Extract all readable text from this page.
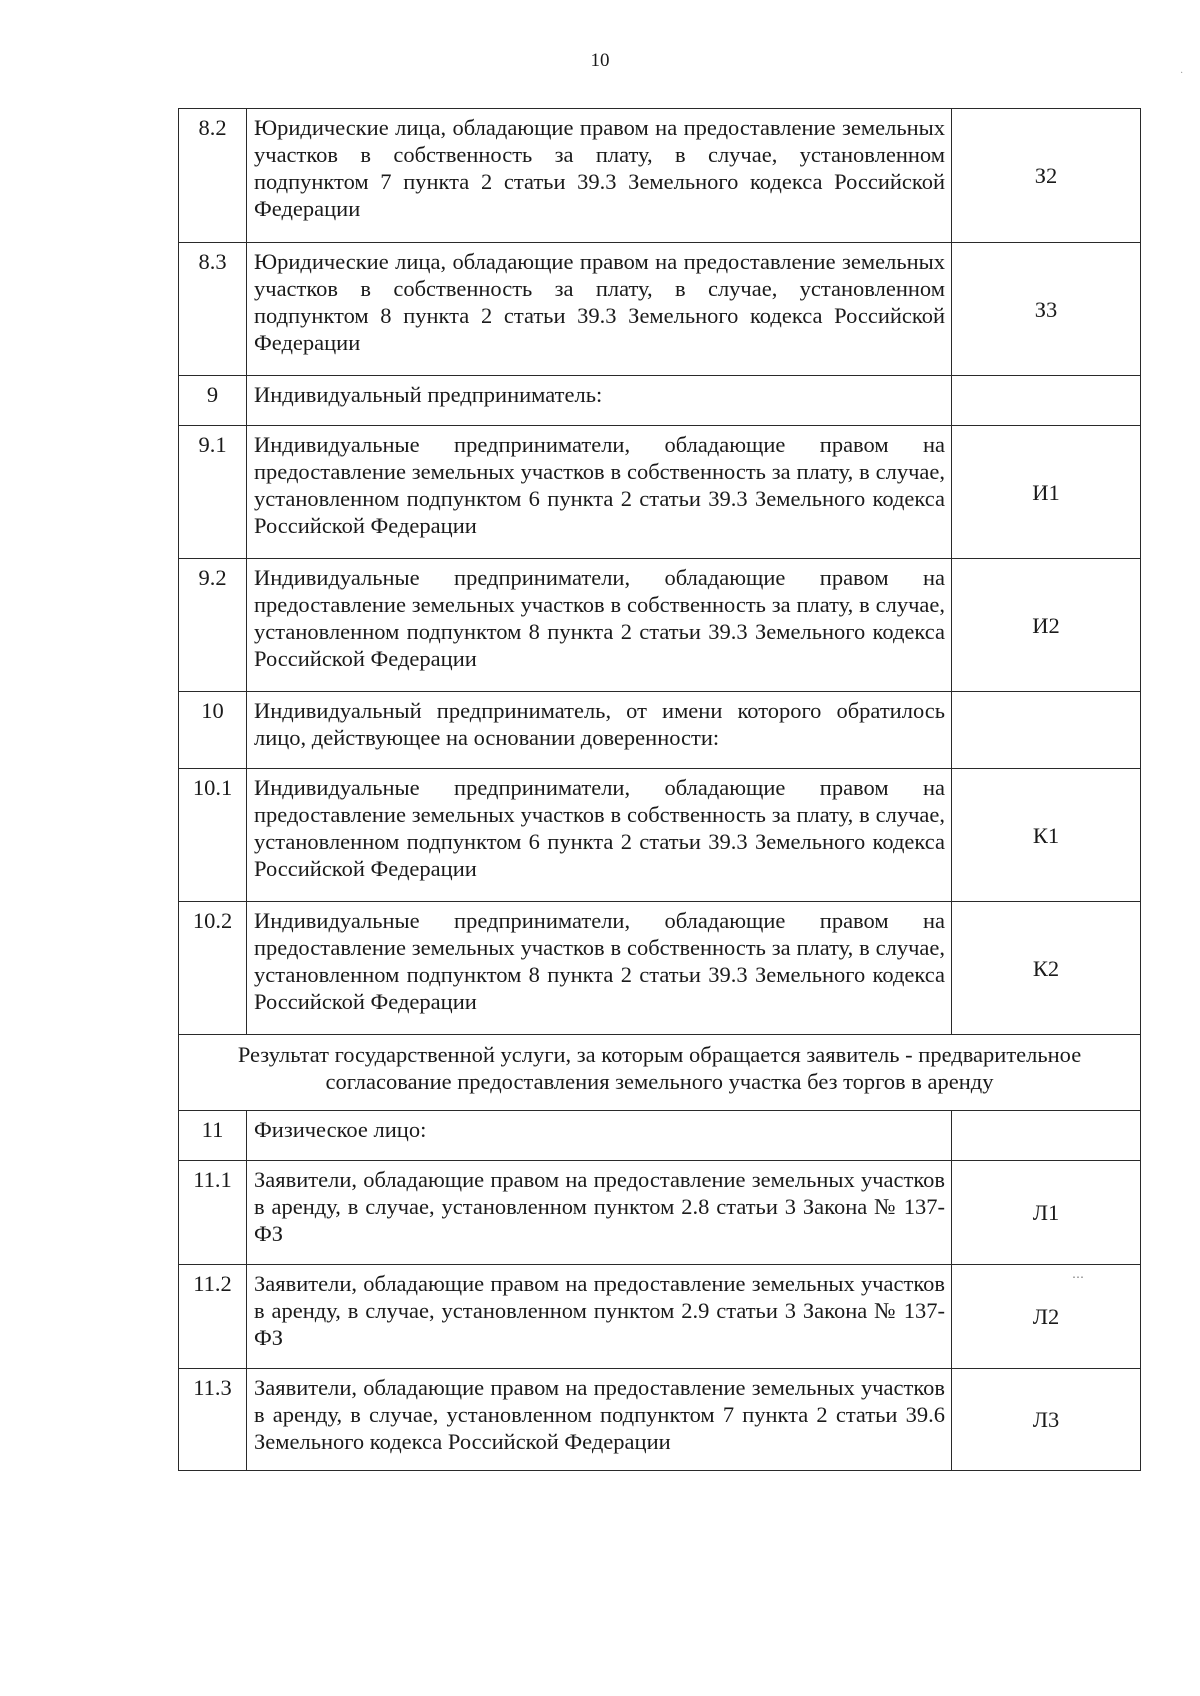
10
8.2	Юридические лица, обладающие правом на предоставление земельных участков в собственность за плату, в случае, установленном подпунктом 7 пункта 2 статьи 39.3 Земельного кодекса Российской Федерации	З2
8.3	Юридические лица, обладающие правом на предоставление земельных участков в собственность за плату, в случае, установленном подпунктом 8 пункта 2 статьи 39.3 Земельного кодекса Российской Федерации	З3
9	Индивидуальный предприниматель:	
9.1	Индивидуальные предприниматели, обладающие правом на предоставление земельных участков в собственность за плату, в случае, установленном подпунктом 6 пункта 2 статьи 39.3 Земельного кодекса Российской Федерации	И1
9.2	Индивидуальные предприниматели, обладающие правом на предоставление земельных участков в собственность за плату, в случае, установленном подпунктом 8 пункта 2 статьи 39.3 Земельного кодекса Российской Федерации	И2
10	Индивидуальный предприниматель, от имени которого обратилось лицо, действующее на основании доверенности:	
10.1	Индивидуальные предприниматели, обладающие правом на предоставление земельных участков в собственность за плату, в случае, установленном подпунктом 6 пункта 2 статьи 39.3 Земельного кодекса Российской Федерации	К1
10.2	Индивидуальные предприниматели, обладающие правом на предоставление земельных участков в собственность за плату, в случае, установленном подпунктом 8 пункта 2 статьи 39.3 Земельного кодекса Российской Федерации	К2
Результат государственной услуги, за которым обращается заявитель - предварительное согласование предоставления земельного участка без торгов в аренду		
11	Физическое лицо:	
11.1	Заявители, обладающие правом на предоставление земельных участков в аренду, в случае, установленном пунктом 2.8 статьи 3 Закона № 137-ФЗ	Л1
11.2	Заявители, обладающие правом на предоставление земельных участков в аренду, в случае, установленном пунктом 2.9 статьи 3 Закона № 137-ФЗ	Л2
11.3	Заявители, обладающие правом на предоставление земельных участков в аренду, в случае, установленном подпунктом 7 пункта 2 статьи 39.6 Земельного кодекса Российской Федерации	Л3
⋯
·
